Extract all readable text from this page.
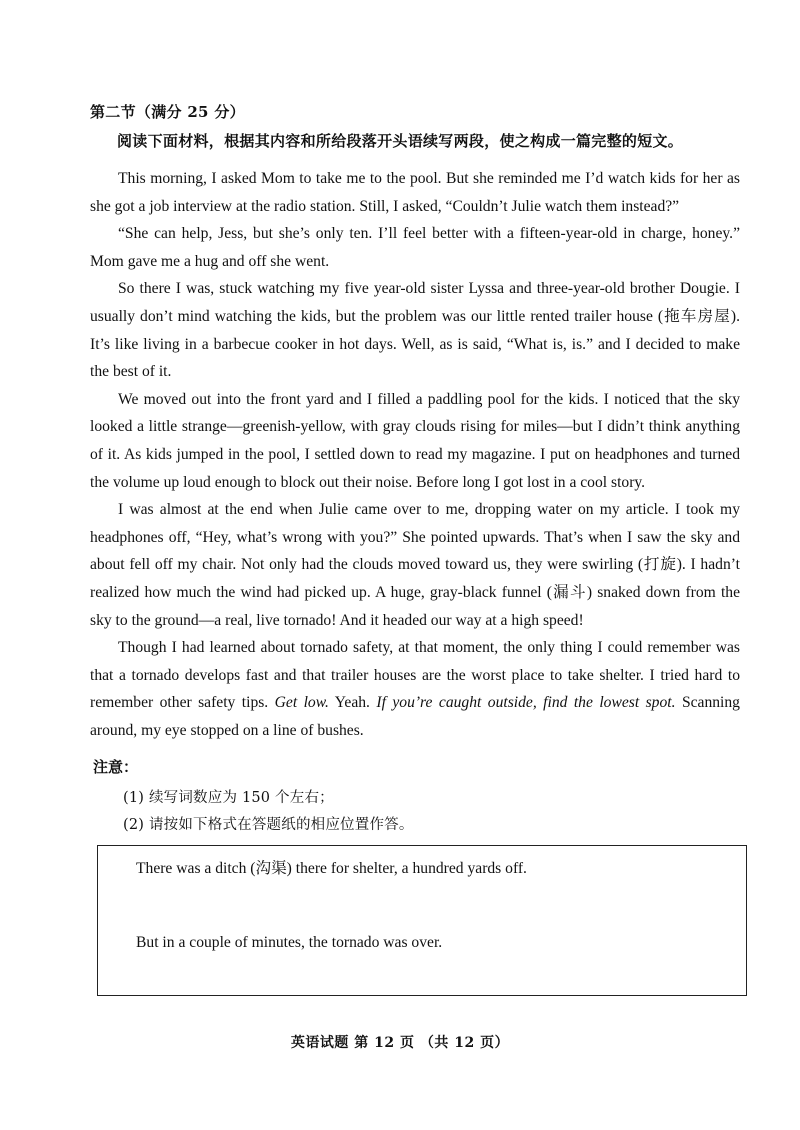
第二节（满分 25 分）
阅读下面材料，根据其内容和所给段落开头语续写两段，使之构成一篇完整的短文。

This morning, I asked Mom to take me to the pool. But she reminded me I’d watch kids for her as she got a job interview at the radio station. Still, I asked, “Couldn’t Julie watch them instead?”

“She can help, Jess, but she’s only ten. I’ll feel better with a fifteen-year-old in charge, honey.” Mom gave me a hug and off she went.

So there I was, stuck watching my five year-old sister Lyssa and three-year-old brother Dougie. I usually don’t mind watching the kids, but the problem was our little rented trailer house (拖车房屋). It’s like living in a barbecue cooker in hot days. Well, as is said, “What is, is.” and I decided to make the best of it.

We moved out into the front yard and I filled a paddling pool for the kids. I noticed that the sky looked a little strange—greenish-yellow, with gray clouds rising for miles—but I didn’t think anything of it. As kids jumped in the pool, I settled down to read my magazine. I put on headphones and turned the volume up loud enough to block out their noise. Before long I got lost in a cool story.

I was almost at the end when Julie came over to me, dropping water on my article. I took my headphones off, “Hey, what’s wrong with you?” She pointed upwards. That’s when I saw the sky and about fell off my chair. Not only had the clouds moved toward us, they were swirling (打旋). I hadn’t realized how much the wind had picked up. A huge, gray-black funnel (漏斗) snaked down from the sky to the ground—a real, live tornado! And it headed our way at a high speed!

Though I had learned about tornado safety, at that moment, the only thing I could remember was that a tornado develops fast and that trailer houses are the worst place to take shelter. I tried hard to remember other safety tips. Get low. Yeah. If you’re caught outside, find the lowest spot. Scanning around, my eye stopped on a line of bushes.

注意：
(1) 续写词数应为 150 个左右；
(2) 请按如下格式在答题纸的相应位置作答。
There was a ditch (沟渠) there for shelter, a hundred yards off.
But in a couple of minutes, the tornado was over.
英语试题 第 12 页 （共 12 页）
